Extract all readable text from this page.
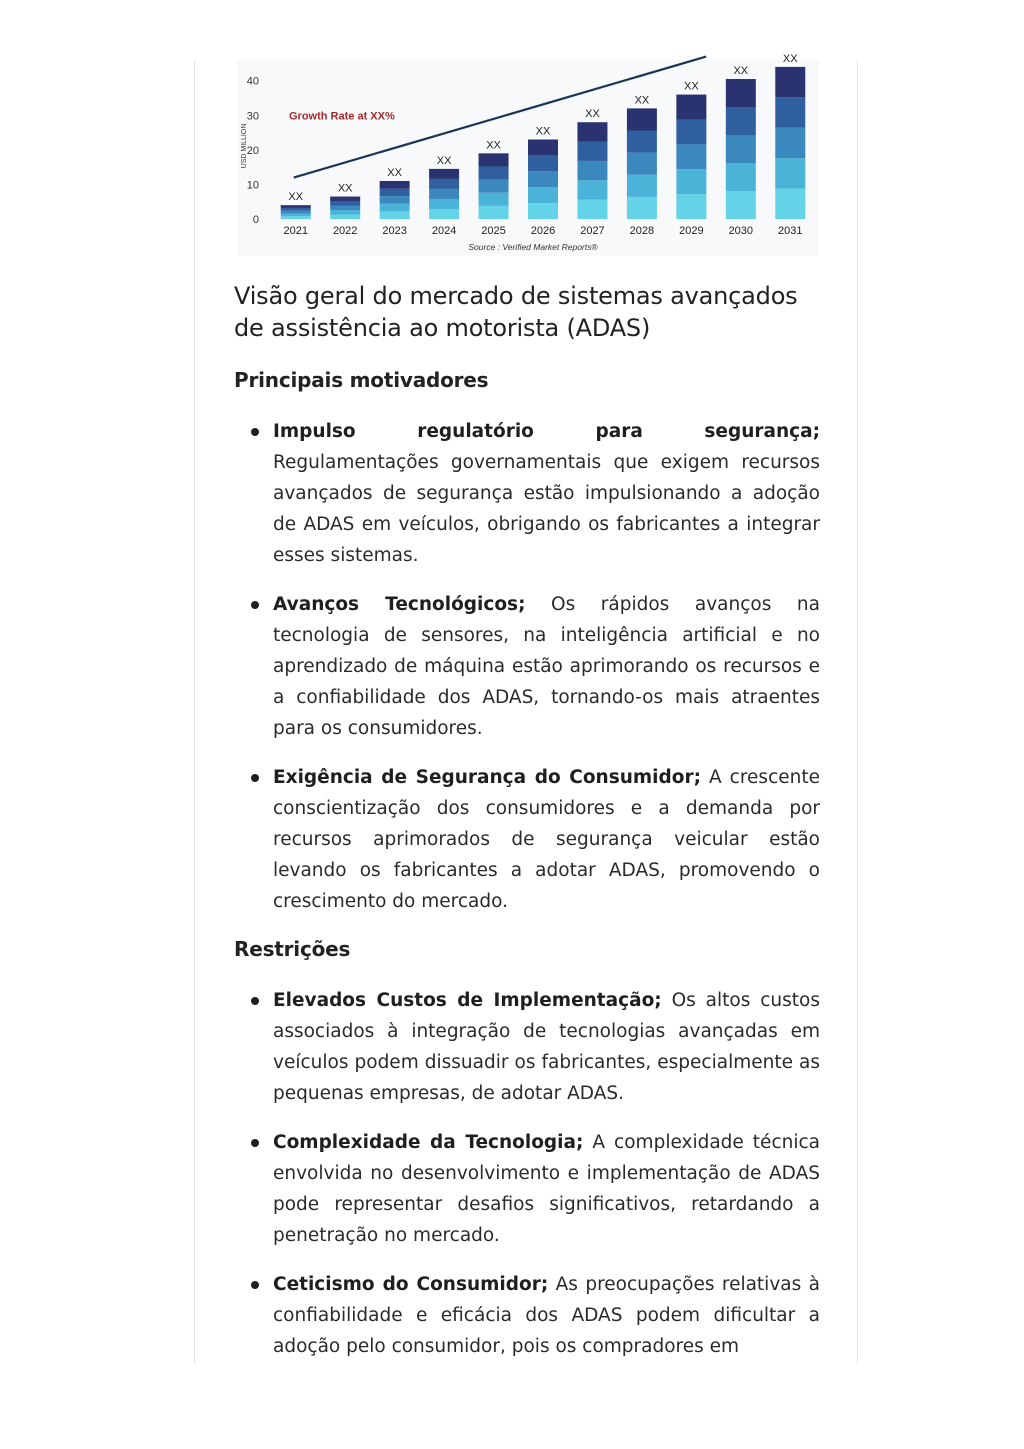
0
10
20
30
40
USD MILLION
2021
XX
2022
XX
2023
XX
2024
XX
2025
XX
2026
XX
2027
XX
2028
XX
2029
XX
2030
XX
2031
XX
Growth Rate at XX%
Source : Verified Market Reports®
Visão geral do mercado de sistemas avançados de assistência ao motorista (ADAS)
Principais motivadores
Impulso regulatório para segurança; Regulamentações governamentais que exigem recursos avançados de segurança estão impulsionando a adoção de ADAS em veículos, obrigando os fabricantes a integrar esses sistemas.
Avanços Tecnológicos; Os rápidos avanços na tecnologia de sensores, na inteligência artificial e no aprendizado de máquina estão aprimorando os recursos e a confiabilidade dos ADAS, tornando-os mais atraentes para os consumidores.
Exigência de Segurança do Consumidor; A crescente conscientização dos consumidores e a demanda por recursos aprimorados de segurança veicular estão levando os fabricantes a adotar ADAS, promovendo o crescimento do mercado.
Restrições
Elevados Custos de Implementação; Os altos custos associados à integração de tecnologias avançadas em veículos podem dissuadir os fabricantes, especialmente as pequenas empresas, de adotar ADAS.
Complexidade da Tecnologia; A complexidade técnica envolvida no desenvolvimento e implementação de ADAS pode representar desafios significativos, retardando a penetração no mercado.
Ceticismo do Consumidor; As preocupações relativas à confiabilidade e eficácia dos ADAS podem dificultar a adoção pelo consumidor, pois os compradores em
